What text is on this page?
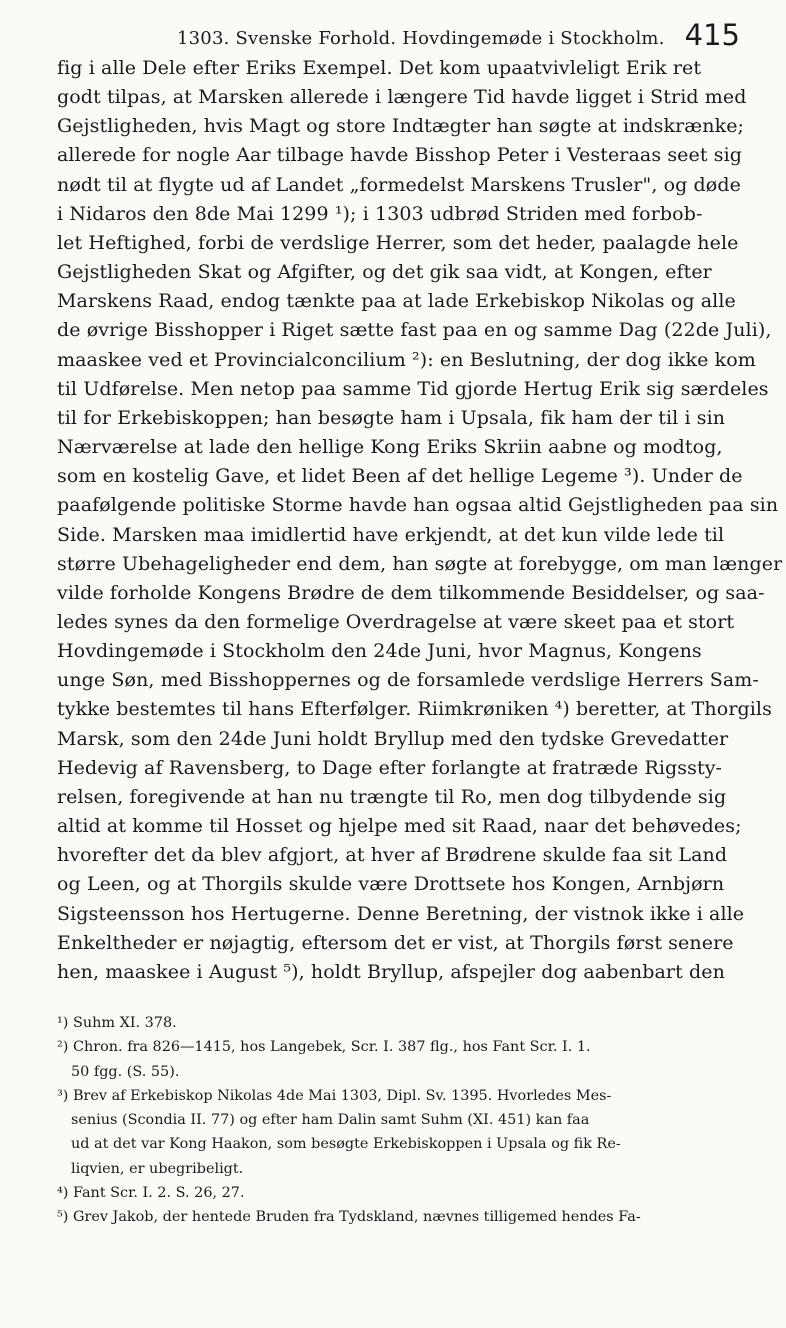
1303. Svenske Forhold. Hovdingemøde i Stockholm. 415

fig i alle Dele efter Eriks Exempel. Det kom upaatvivleligt Erik ret

godt tilpas, at Marsken allerede i længere Tid havde ligget i Strid med

Gejstligheden, hvis Magt og store Indtægter han søgte at indskrænke;

allerede for nogle Aar tilbage havde Bisshop Peter i Vesteraas seet sig

nødt til at flygte ud af Landet „formedelst Marskens Trusler", og døde

i Nidaros den 8de Mai 1299 ¹); i 1303 udbrød Striden med forbob-

let Heftighed, forbi de verdslige Herrer, som det heder, paalagde hele

Gejstligheden Skat og Afgifter, og det gik saa vidt, at Kongen, efter

Marskens Raad, endog tænkte paa at lade Erkebiskop Nikolas og alle

de øvrige Bisshopper i Riget sætte fast paa en og samme Dag (22de Juli),

maaskee ved et Provincialconcilium ²): en Beslutning, der dog ikke kom

til Udførelse. Men netop paa samme Tid gjorde Hertug Erik sig særdeles

til for Erkebiskoppen; han besøgte ham i Upsala, fik ham der til i sin

Nærværelse at lade den hellige Kong Eriks Skriin aabne og modtog,

som en kostelig Gave, et lidet Been af det hellige Legeme ³). Under de

paafølgende politiske Storme havde han ogsaa altid Gejstligheden paa sin

Side. Marsken maa imidlertid have erkjendt, at det kun vilde lede til

større Ubehageligheder end dem, han søgte at forebygge, om man længer

vilde forholde Kongens Brødre de dem tilkommende Besiddelser, og saa-

ledes synes da den formelige Overdragelse at være skeet paa et stort

Hovdingemøde i Stockholm den 24de Juni, hvor Magnus, Kongens

unge Søn, med Bisshoppernes og de forsamlede verdslige Herrers Sam-

tykke bestemtes til hans Efterfølger. Riimkrøniken ⁴) beretter, at Thorgils

Marsk, som den 24de Juni holdt Bryllup med den tydske Grevedatter

Hedevig af Ravensberg, to Dage efter forlangte at fratræde Rigssty-

relsen, foregivende at han nu trængte til Ro, men dog tilbydende sig

altid at komme til Hosset og hjelpe med sit Raad, naar det behøvedes;

hvorefter det da blev afgjort, at hver af Brødrene skulde faa sit Land

og Leen, og at Thorgils skulde være Drottsete hos Kongen, Arnbjørn

Sigsteensson hos Hertugerne. Denne Beretning, der vistnok ikke i alle

Enkeltheder er nøjagtig, eftersom det er vist, at Thorgils først senere

hen, maaskee i August ⁵), holdt Bryllup, afspejler dog aabenbart den

¹) Suhm XI. 378.

²) Chron. fra 826—1415, hos Langebek, Scr. I. 387 flg., hos Fant Scr. I. 1.

50 fgg. (S. 55).

³) Brev af Erkebiskop Nikolas 4de Mai 1303, Dipl. Sv. 1395. Hvorledes Mes-

senius (Scondia II. 77) og efter ham Dalin samt Suhm (XI. 451) kan faa

ud at det var Kong Haakon, som besøgte Erkebiskoppen i Upsala og fik Re-

liqvien, er ubegribeligt.

⁴) Fant Scr. I. 2. S. 26, 27.

⁵) Grev Jakob, der hentede Bruden fra Tydskland, nævnes tilligemed hendes Fa-
